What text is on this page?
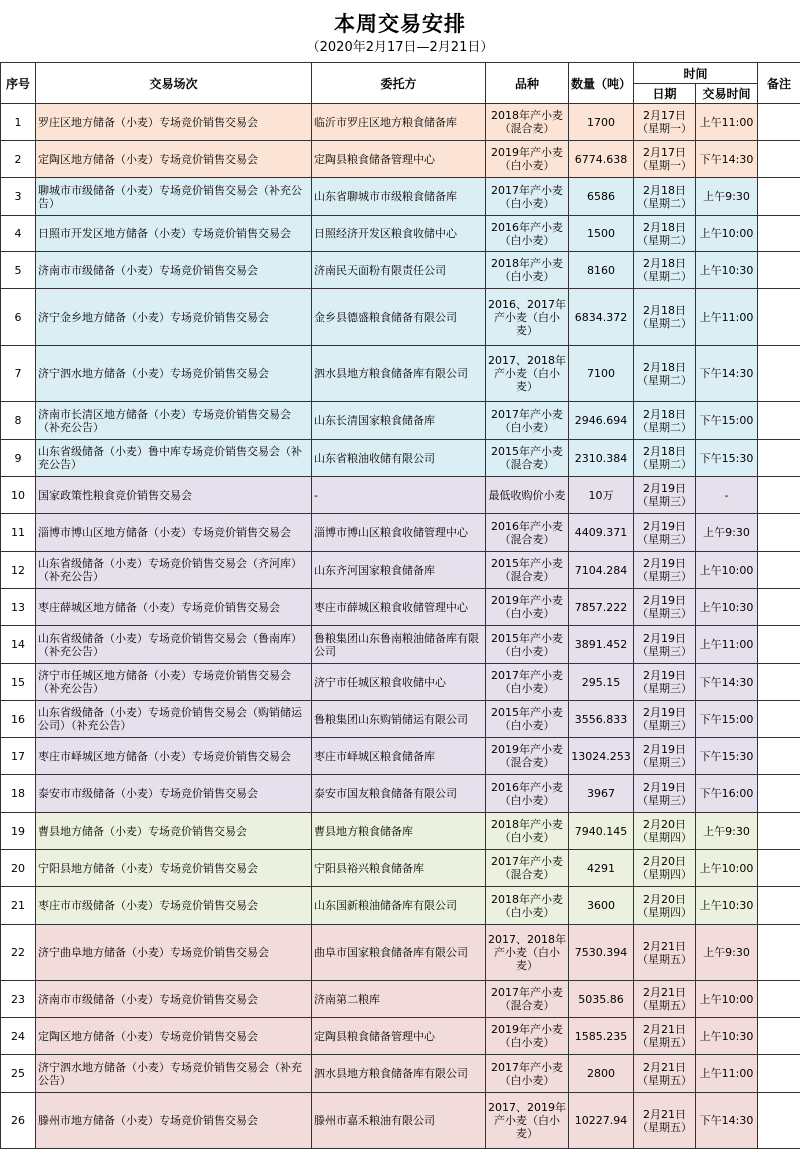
本周交易安排
（2020年2月17日—2月21日）
序号	交易场次	委托方	品种	数量（吨）	时间		备注
					日期	交易时间	
1	罗庄区地方储备（小麦）专场竞价销售交易会	临沂市罗庄区地方粮食储备库	2018年产小麦（混合麦）	1700	2月17日（星期一）	上午11:00	
2	定陶区地方储备（小麦）专场竞价销售交易会	定陶县粮食储备管理中心	2019年产小麦（白小麦）	6774.638	2月17日（星期一）	下午14:30	
3	聊城市市级储备（小麦）专场竞价销售交易会（补充公告）	山东省聊城市市级粮食储备库	2017年产小麦（白小麦）	6586	2月18日（星期二）	上午9:30	
4	日照市开发区地方储备（小麦）专场竞价销售交易会	日照经济开发区粮食收储中心	2016年产小麦（白小麦）	1500	2月18日（星期二）	上午10:00	
5	济南市市级储备（小麦）专场竞价销售交易会	济南民天面粉有限责任公司	2018年产小麦（白小麦）	8160	2月18日（星期二）	上午10:30	
6	济宁金乡地方储备（小麦）专场竞价销售交易会	金乡县德盛粮食储备有限公司	2016、2017年产小麦（白小麦）	6834.372	2月18日（星期二）	上午11:00	
7	济宁泗水地方储备（小麦）专场竞价销售交易会	泗水县地方粮食储备库有限公司	2017、2018年产小麦（白小麦）	7100	2月18日（星期二）	下午14:30	
8	济南市长清区地方储备（小麦）专场竞价销售交易会（补充公告）	山东长清国家粮食储备库	2017年产小麦（白小麦）	2946.694	2月18日（星期二）	下午15:00	
9	山东省级储备（小麦）鲁中库专场竞价销售交易会（补充公告）	山东省粮油收储有限公司	2015年产小麦（混合麦）	2310.384	2月18日（星期二）	下午15:30	
10	国家政策性粮食竞价销售交易会	-	最低收购价小麦	10万	2月19日（星期三）	-	
11	淄博市博山区地方储备（小麦）专场竞价销售交易会	淄博市博山区粮食收储管理中心	2016年产小麦（混合麦）	4409.371	2月19日（星期三）	上午9:30	
12	山东省级储备（小麦）专场竞价销售交易会（齐河库）（补充公告）	山东齐河国家粮食储备库	2015年产小麦（混合麦）	7104.284	2月19日（星期三）	上午10:00	
13	枣庄薛城区地方储备（小麦）专场竞价销售交易会	枣庄市薛城区粮食收储管理中心	2019年产小麦（白小麦）	7857.222	2月19日（星期三）	上午10:30	
14	山东省级储备（小麦）专场竞价销售交易会（鲁南库）（补充公告）	鲁粮集团山东鲁南粮油储备库有限公司	2015年产小麦（白小麦）	3891.452	2月19日（星期三）	上午11:00	
15	济宁市任城区地方储备（小麦）专场竞价销售交易会（补充公告）	济宁市任城区粮食收储中心	2017年产小麦（白小麦）	295.15	2月19日（星期三）	下午14:30	
16	山东省级储备（小麦）专场竞价销售交易会（购销储运公司）（补充公告）	鲁粮集团山东购销储运有限公司	2015年产小麦（白小麦）	3556.833	2月19日（星期三）	下午15:00	
17	枣庄市峄城区地方储备（小麦）专场竞价销售交易会	枣庄市峄城区粮食储备库	2019年产小麦（混合麦）	13024.253	2月19日（星期三）	下午15:30	
18	泰安市市级储备（小麦）专场竞价销售交易会	泰安市国友粮食储备有限公司	2016年产小麦（白小麦）	3967	2月19日（星期三）	下午16:00	
19	曹县地方储备（小麦）专场竞价销售交易会	曹县地方粮食储备库	2018年产小麦（白小麦）	7940.145	2月20日（星期四）	上午9:30	
20	宁阳县地方储备（小麦）专场竞价销售交易会	宁阳县裕兴粮食储备库	2017年产小麦（混合麦）	4291	2月20日（星期四）	上午10:00	
21	枣庄市市级储备（小麦）专场竞价销售交易会	山东国新粮油储备库有限公司	2018年产小麦（白小麦）	3600	2月20日（星期四）	上午10:30	
22	济宁曲阜地方储备（小麦）专场竞价销售交易会	曲阜市国家粮食储备库有限公司	2017、2018年产小麦（白小麦）	7530.394	2月21日（星期五）	上午9:30	
23	济南市市级储备（小麦）专场竞价销售交易会	济南第二粮库	2017年产小麦（混合麦）	5035.86	2月21日（星期五）	上午10:00	
24	定陶区地方储备（小麦）专场竞价销售交易会	定陶县粮食储备管理中心	2019年产小麦（白小麦）	1585.235	2月21日（星期五）	上午10:30	
25	济宁泗水地方储备（小麦）专场竞价销售交易会（补充公告）	泗水县地方粮食储备库有限公司	2017年产小麦（白小麦）	2800	2月21日（星期五）	上午11:00	
26	滕州市地方储备（小麦）专场竞价销售交易会	滕州市嘉禾粮油有限公司	2017、2019年产小麦（白小麦）	10227.94	2月21日（星期五）	下午14:30	
